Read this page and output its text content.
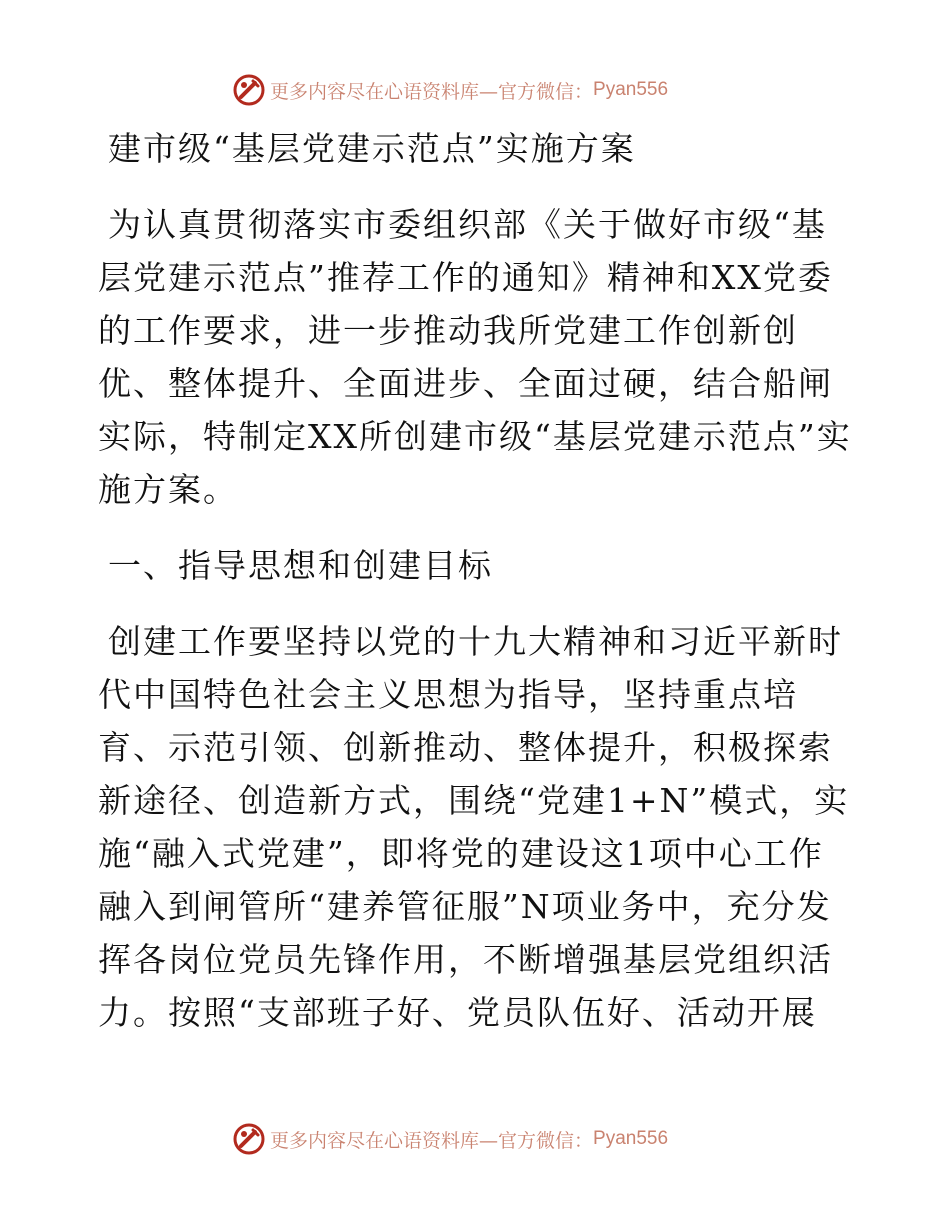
更多内容尽在心语资料库—官方微信： Pyan556

建市级“基层党建示范点”实施方案

为认真贯彻落实市委组织部《关于做好市级“基层党建示范点”推荐工作的通知》精神和XX党委的工作要求，进一步推动我所党建工作创新创优、整体提升、全面进步、全面过硬，结合船闸实际，特制定XX所创建市级“基层党建示范点”实施方案。

一、指导思想和创建目标

创建工作要坚持以党的十九大精神和习近平新时代中国特色社会主义思想为指导，坚持重点培育、示范引领、创新推动、整体提升，积极探索新途径、创造新方式，围绕“党建1+N”模式，实施“融入式党建”，即将党的建设这1项中心工作融入到闸管所“建养管征服”N项业务中，充分发挥各岗位党员先锋作用，不断增强基层党组织活力。按照“支部班子好、党员队伍好、活动开展

更多内容尽在心语资料库—官方微信： Pyan556
